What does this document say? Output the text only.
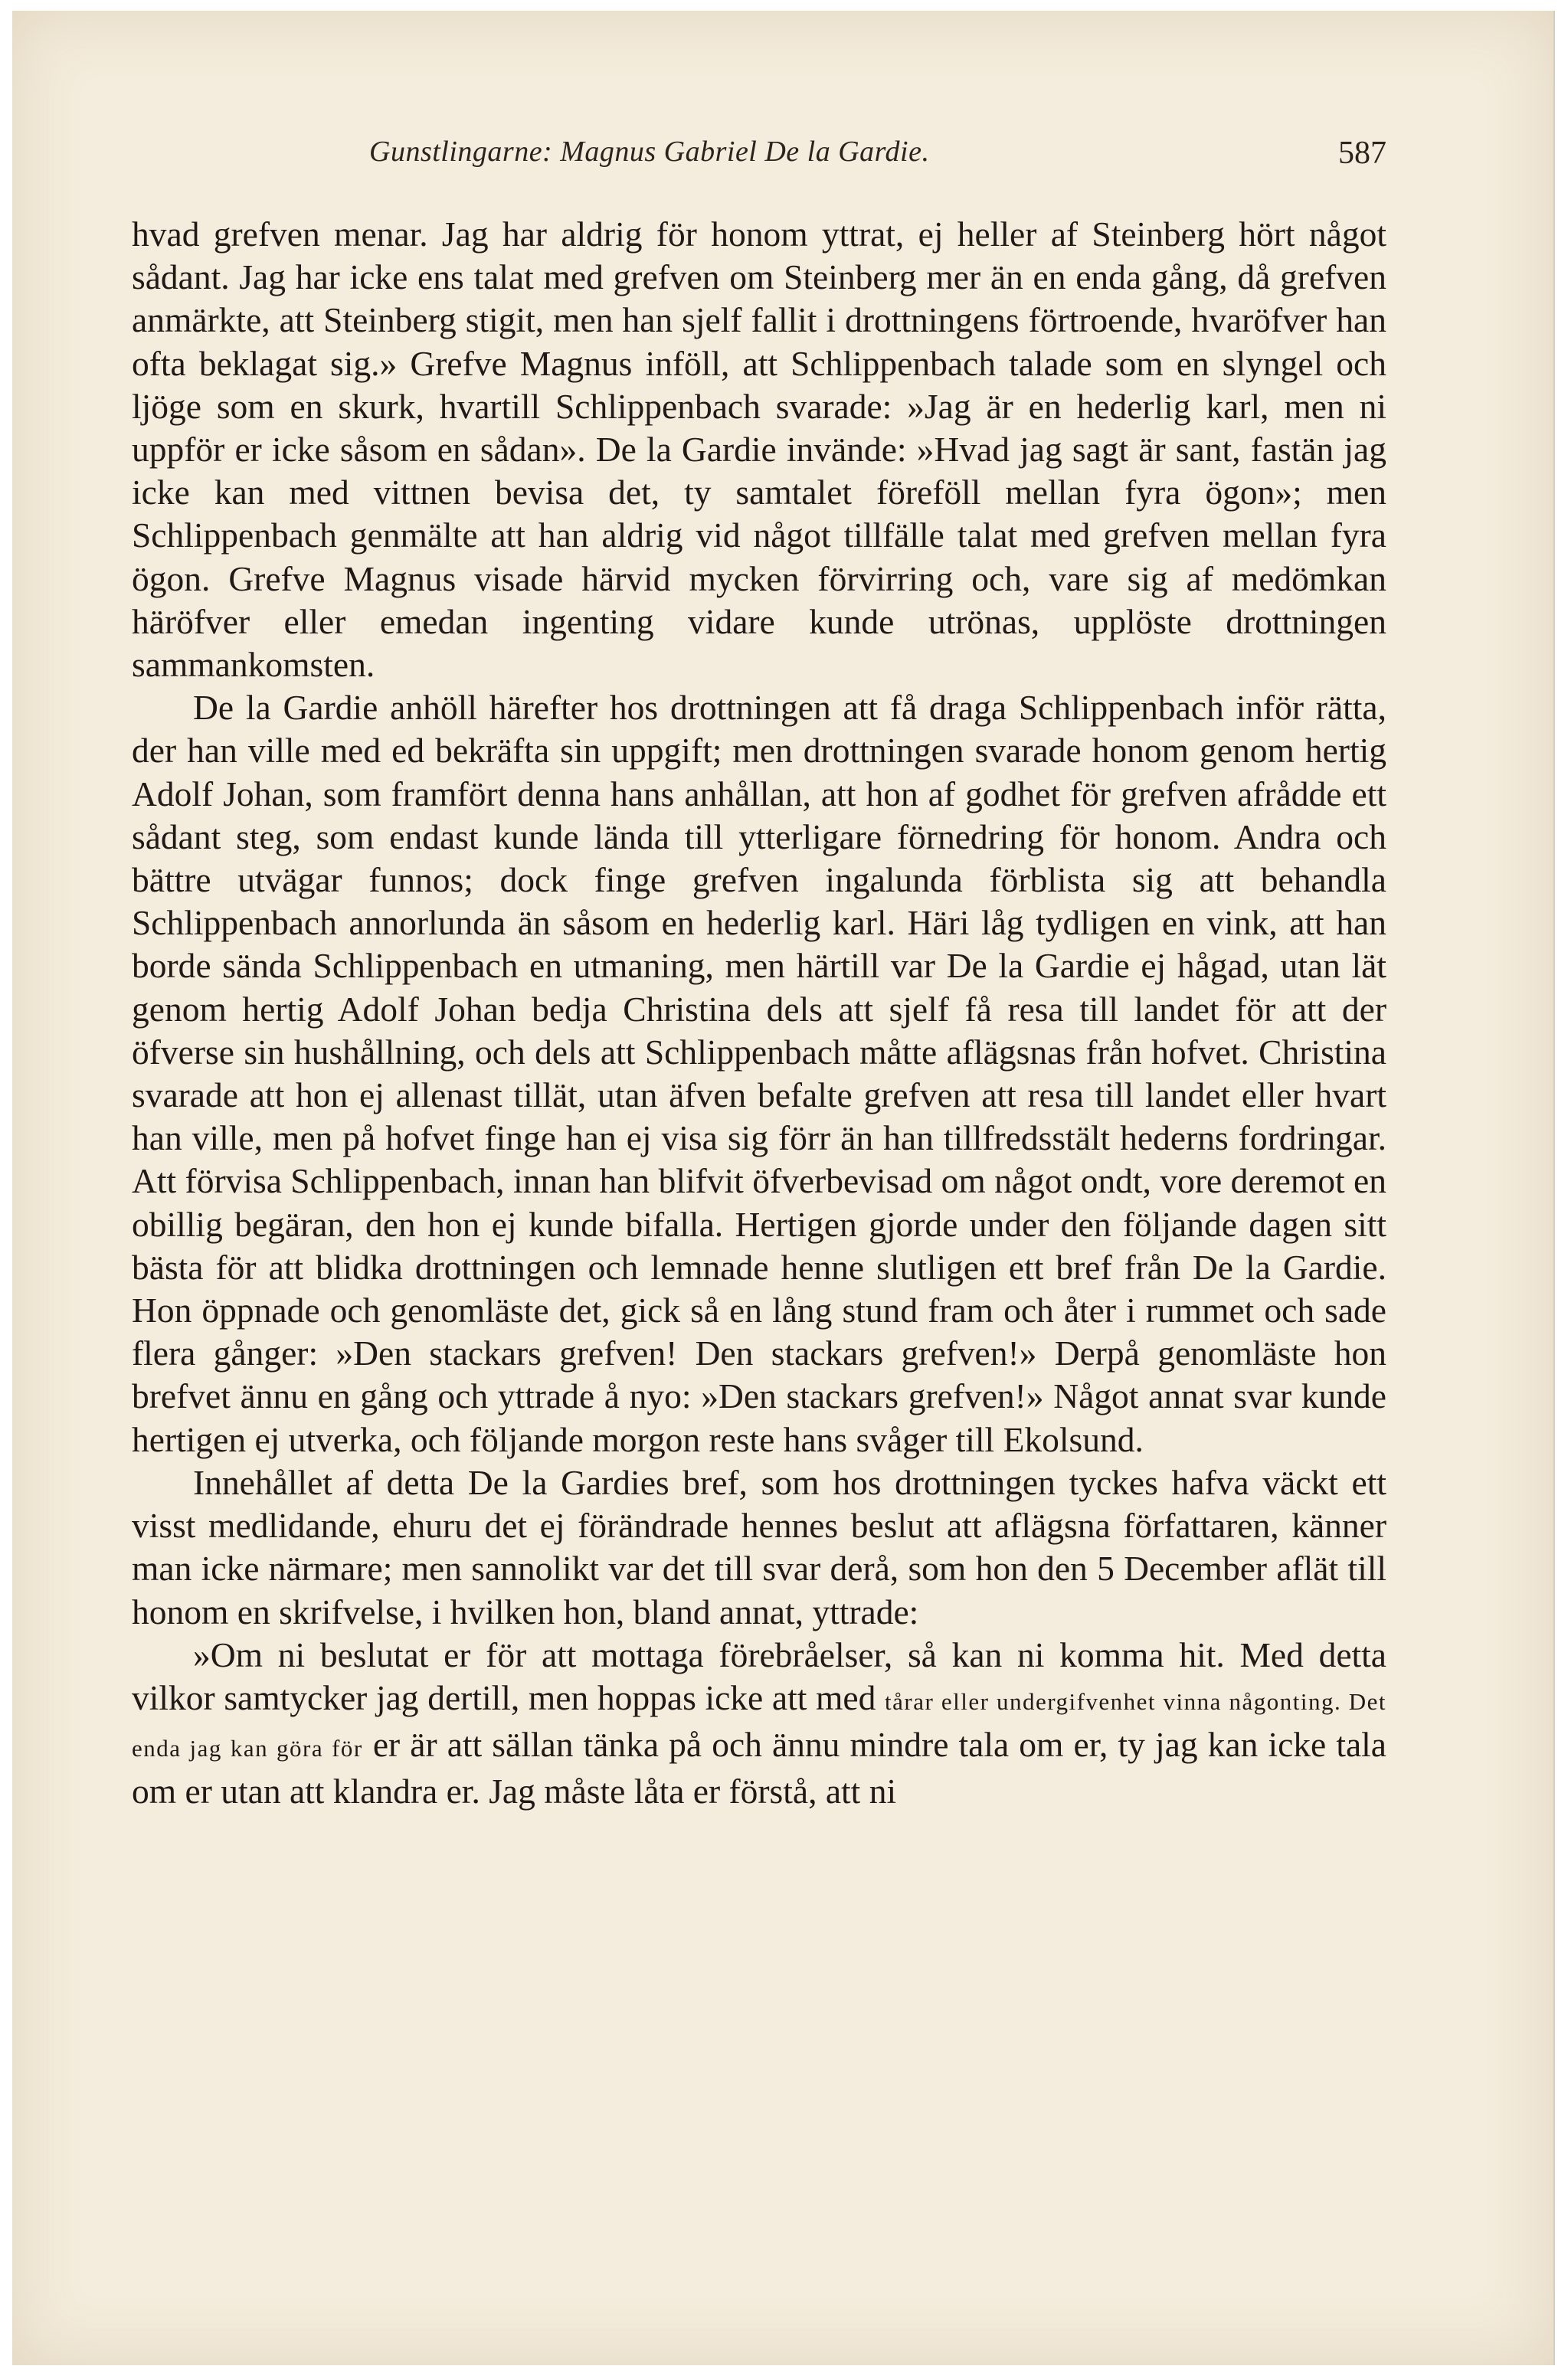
Gunstlingarne: Magnus Gabriel De la Gardie.	587

hvad grefven menar. Jag har aldrig för honom yttrat, ej heller af Steinberg hört något sådant. Jag har icke ens talat med grefven om Steinberg mer än en enda gång, då grefven anmärkte, att Steinberg stigit, men han sjelf fallit i drottningens förtroende, hvaröfver han ofta beklagat sig.» Grefve Magnus inföll, att Schlippenbach talade som en slyngel och ljöge som en skurk, hvartill Schlippenbach svarade: »Jag är en hederlig karl, men ni uppför er icke såsom en sådan». De la Gardie invände: »Hvad jag sagt är sant, fastän jag icke kan med vittnen bevisa det, ty samtalet föreföll mellan fyra ögon»; men Schlippenbach genmälte att han aldrig vid något tillfälle talat med grefven mellan fyra ögon. Grefve Magnus visade härvid mycken förvirring och, vare sig af medömkan häröfver eller emedan ingenting vidare kunde utrönas, upplöste drottningen sammankomsten.

De la Gardie anhöll härefter hos drottningen att få draga Schlippenbach inför rätta, der han ville med ed bekräfta sin uppgift; men drottningen svarade honom genom hertig Adolf Johan, som framfört denna hans anhållan, att hon af godhet för grefven afrådde ett sådant steg, som endast kunde lända till ytterligare förnedring för honom. Andra och bättre utvägar funnos; dock finge grefven ingalunda förblista sig att behandla Schlippenbach annorlunda än såsom en hederlig karl. Häri låg tydligen en vink, att han borde sända Schlippenbach en utmaning, men härtill var De la Gardie ej hågad, utan lät genom hertig Adolf Johan bedja Christina dels att sjelf få resa till landet för att der öfverse sin hushållning, och dels att Schlippenbach måtte aflägsnas från hofvet. Christina svarade att hon ej allenast tillät, utan äfven befalte grefven att resa till landet eller hvart han ville, men på hofvet finge han ej visa sig förr än han tillfredsstält hederns fordringar. Att förvisa Schlippenbach, innan han blifvit öfverbevisad om något ondt, vore deremot en obillig begäran, den hon ej kunde bifalla. Hertigen gjorde under den följande dagen sitt bästa för att blidka drottningen och lemnade henne slutligen ett bref från De la Gardie. Hon öppnade och genomläste det, gick så en lång stund fram och åter i rummet och sade flera gånger: »Den stackars grefven! Den stackars grefven!» Derpå genomläste hon brefvet ännu en gång och yttrade å nyo: »Den stackars grefven!» Något annat svar kunde hertigen ej utverka, och följande morgon reste hans svåger till Ekolsund.

Innehållet af detta De la Gardies bref, som hos drottningen tyckes hafva väckt ett visst medlidande, ehuru det ej förändrade hennes beslut att aflägsna författaren, känner man icke närmare; men sannolikt var det till svar derå, som hon den 5 December aflät till honom en skrifvelse, i hvilken hon, bland annat, yttrade:

»Om ni beslutat er för att mottaga förebråelser, så kan ni komma hit. Med detta vilkor samtycker jag dertill, men hoppas icke att med tårar eller undergifvenhet vinna någonting. Det enda jag kan göra för er är att sällan tänka på och ännu mindre tala om er, ty jag kan icke tala om er utan att klandra er. Jag måste låta er förstå, att ni
